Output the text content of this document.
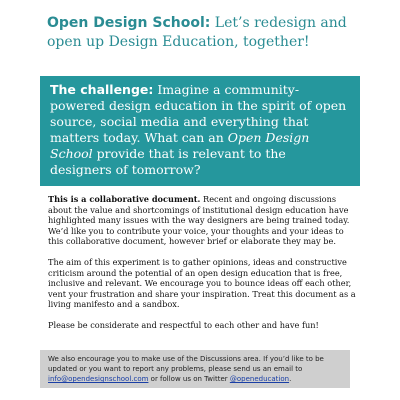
Open Design School: Let’s redesign and open up Design Education, together!
The challenge: Imagine a community-powered design education in the spirit of open source, social media and everything that matters today. What can an Open Design School provide that is relevant to the designers of tomorrow?

This is a collaborative document. Recent and ongoing discussions about the value and shortcomings of institutional design education have highlighted many issues with the way designers are being trained today. We’d like you to contribute your voice, your thoughts and your ideas to this collaborative document, however brief or elaborate they may be.

The aim of this experiment is to gather opinions, ideas and constructive criticism around the potential of an open design education that is free, inclusive and relevant. We encourage you to bounce ideas off each other, vent your frustration and share your inspiration. Treat this document as a living manifesto and a sandbox.

Please be considerate and respectful to each other and have fun!

We also encourage you to make use of the Discussions area. If you’d like to be updated or you want to report any problems, please send us an email to info@opendesignschool.com or follow us on Twitter @openeducation.
